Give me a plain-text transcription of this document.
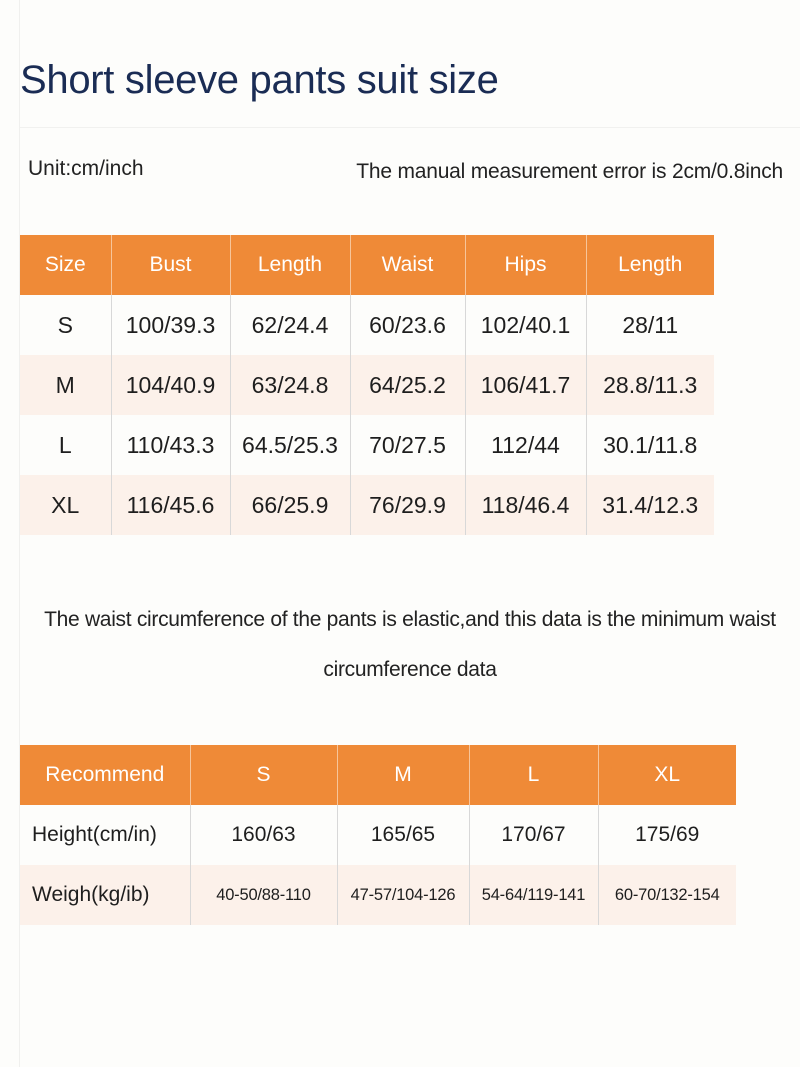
Short sleeve pants suit size
Unit:cm/inch	The manual measurement error is 2cm/0.8inch
Size	Bust	Length	Waist	Hips	Length
S	100/39.3	62/24.4	60/23.6	102/40.1	28/11
M	104/40.9	63/24.8	64/25.2	106/41.7	28.8/11.3
L	110/43.3	64.5/25.3	70/27.5	112/44	30.1/11.8
XL	116/45.6	66/25.9	76/29.9	118/46.4	31.4/12.3
The waist circumference of the pants is elastic,and this data is the minimum waist
circumference data
Recommend	S	M	L	XL
Height(cm/in)	160/63	165/65	170/67	175/69
Weigh(kg/ib)	40-50/88-110	47-57/104-126	54-64/119-141	60-70/132-154
